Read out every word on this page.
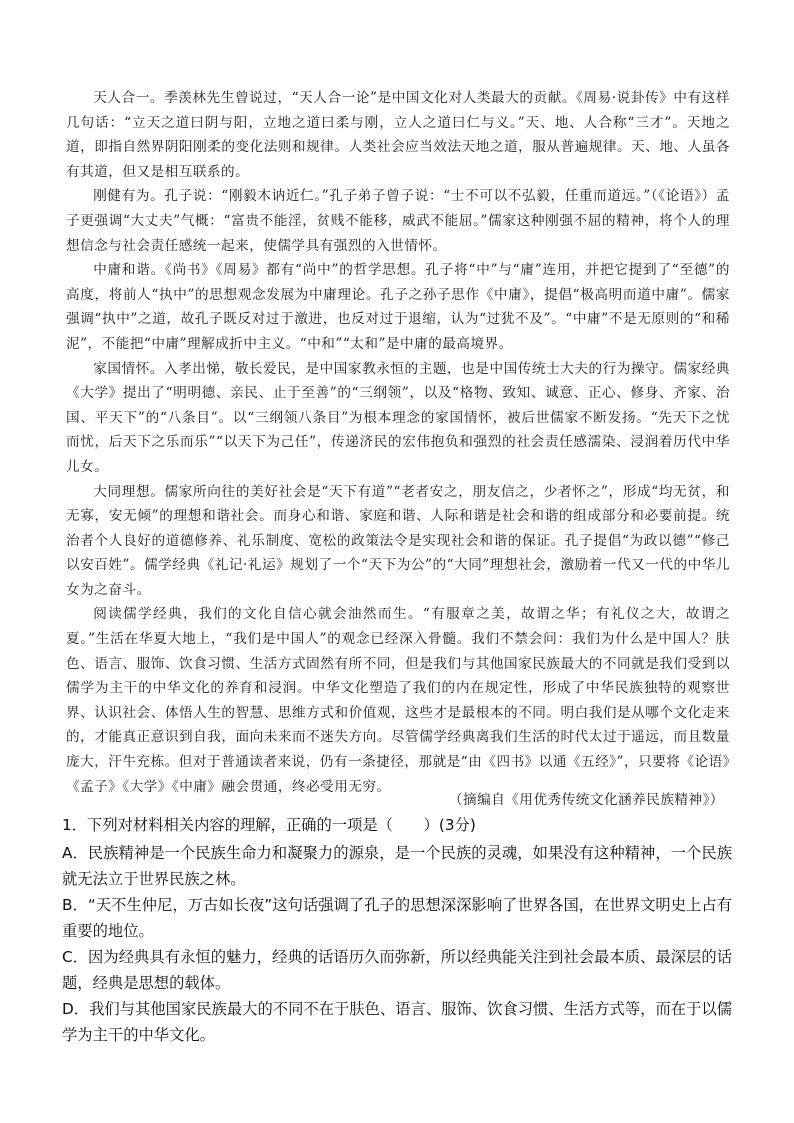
天人合一。季羡林先生曾说过，“天人合一论”是中国文化对人类最大的贡献。《周易·说卦传》中有这样几句话：“立天之道曰阴与阳，立地之道曰柔与刚，立人之道曰仁与义。”天、地、人合称“三才”。天地之道，即指自然界阴阳刚柔的变化法则和规律。人类社会应当效法天地之道，服从普遍规律。天、地、人虽各有其道，但又是相互联系的。

刚健有为。孔子说：“刚毅木讷近仁。”孔子弟子曾子说：“士不可以不弘毅，任重而道远。”（《论语》）孟子更强调“大丈夫”气概：“富贵不能淫，贫贱不能移，威武不能屈。”儒家这种刚强不屈的精神，将个人的理想信念与社会责任感统一起来，使儒学具有强烈的入世情怀。

中庸和谐。《尚书》《周易》都有“尚中”的哲学思想。孔子将“中”与“庸”连用，并把它提到了“至德”的高度，将前人“执中”的思想观念发展为中庸理论。孔子之孙子思作《中庸》，提倡“极高明而道中庸”。儒家强调“执中”之道，故孔子既反对过于激进，也反对过于退缩，认为“过犹不及”。“中庸”不是无原则的“和稀泥”，不能把“中庸”理解成折中主义。“中和”“太和”是中庸的最高境界。

家国情怀。入孝出悌，敬长爱民，是中国家教永恒的主题，也是中国传统士大夫的行为操守。儒家经典《大学》提出了“明明德、亲民、止于至善”的“三纲领”，以及“格物、致知、诚意、正心、修身、齐家、治国、平天下”的“八条目”。以“三纲领八条目”为根本理念的家国情怀，被后世儒家不断发扬。“先天下之忧而忧，后天下之乐而乐”“以天下为己任”，传递济民的宏伟抱负和强烈的社会责任感濡染、浸润着历代中华儿女。

大同理想。儒家所向往的美好社会是“天下有道”“老者安之，朋友信之，少者怀之”，形成“均无贫，和无寡，安无倾”的理想和谐社会。而身心和谐、家庭和谐、人际和谐是社会和谐的组成部分和必要前提。统治者个人良好的道德修养、礼乐制度、宽松的政策法令是实现社会和谐的保证。孔子提倡“为政以德”“修己以安百姓”。儒学经典《礼记·礼运》规划了一个“天下为公”的“大同”理想社会，激励着一代又一代的中华儿女为之奋斗。

阅读儒学经典，我们的文化自信心就会油然而生。“有服章之美，故谓之华；有礼仪之大，故谓之夏。”生活在华夏大地上，“我们是中国人”的观念已经深入骨髓。我们不禁会问：我们为什么是中国人？肤色、语言、服饰、饮食习惯、生活方式固然有所不同，但是我们与其他国家民族最大的不同就是我们受到以儒学为主干的中华文化的养育和浸润。中华文化塑造了我们的内在规定性，形成了中华民族独特的观察世界、认识社会、体悟人生的智慧、思维方式和价值观，这些才是最根本的不同。明白我们是从哪个文化走来的，才能真正意识到自我，面向未来而不迷失方向。尽管儒学经典离我们生活的时代太过于遥远，而且数量庞大，汗牛充栋。但对于普通读者来说，仍有一条捷径，那就是“由《四书》以通《五经》”，只要将《论语》《孟子》《大学》《中庸》融会贯通，终必受用无穷。

（摘编自《用优秀传统文化涵养民族精神》）

1．下列对材料相关内容的理解，正确的一项是（　　）(3分)

A．民族精神是一个民族生命力和凝聚力的源泉，是一个民族的灵魂，如果没有这种精神，一个民族就无法立于世界民族之林。

B．“天不生仲尼，万古如长夜”这句话强调了孔子的思想深深影响了世界各国，在世界文明史上占有重要的地位。

C．因为经典具有永恒的魅力，经典的话语历久而弥新，所以经典能关注到社会最本质、最深层的话题，经典是思想的载体。

D．我们与其他国家民族最大的不同不在于肤色、语言、服饰、饮食习惯、生活方式等，而在于以儒学为主干的中华文化。
